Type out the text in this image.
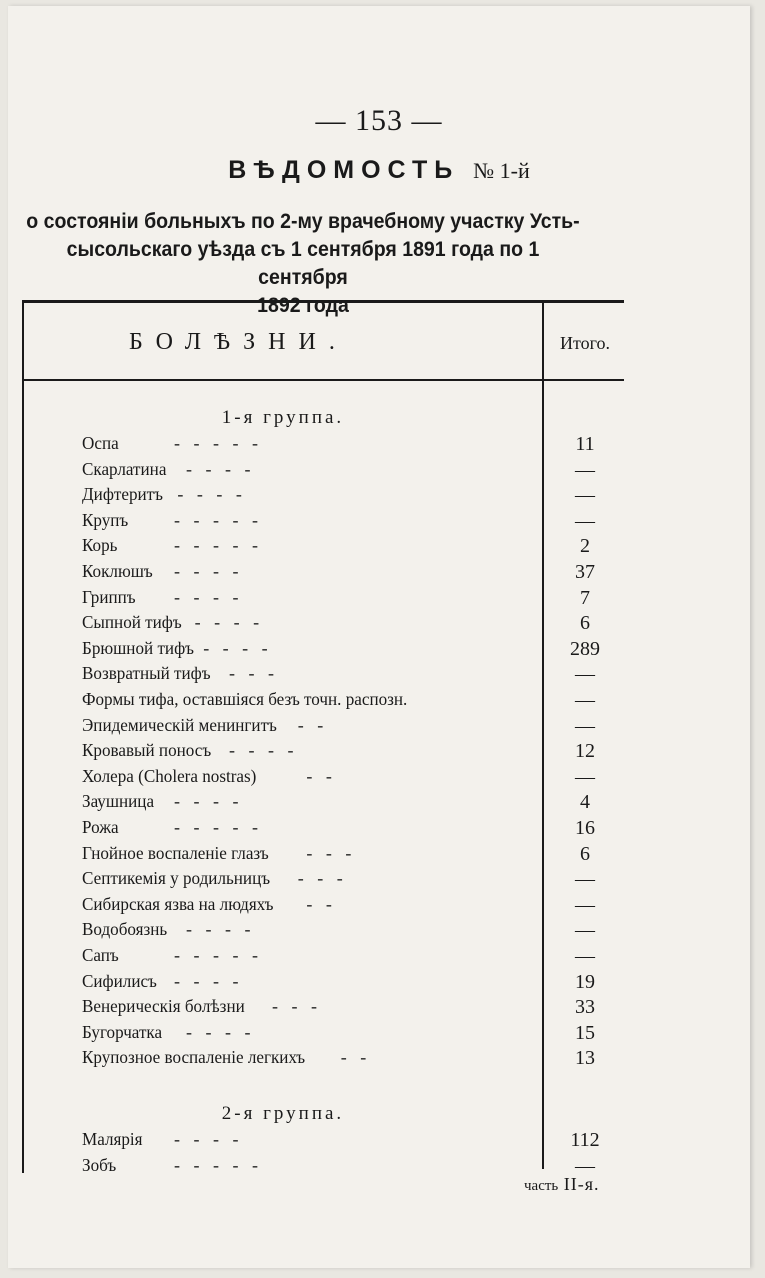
— 153 —
ВѢДОМОСТЬ № 1-й
о состояніи больныхъ по 2-му врачебному участку Усть-
сысольскаго уѣзда съ 1 сентября 1891 года по 1 сентября
1892 года
БОЛѢЗНИ.	Итого.
1-я группа.
Оспа	-   -   -   -   -	11
Скарлатина -   -   -   -	—
Дифтеритъ -   -   -   -	—
Крупъ	-   -   -   -   -	—
Корь	-   -   -   -   -	2
Коклюшъ -   -   -   -	37
Гриппъ -   -   -   -	7
Сыпной тифъ -   -   -   -	6
Брюшной тифъ -   -   -   -	289
Возвратный тифъ -   -   -	—
Формы тифа, оставшіяся безъ точн. распозн.	—
Эпидемическій менингитъ -   -	—
Кровавый поносъ -   -   -   -	12
Холера (Cholera nostras)	-   -	—
Заушница -   -   -   -	4
Рожа	-   -   -   -   -	16
Гнойное воспаленіе глазъ -   -   -	6
Септикемія у родильницъ -   -   -	—
Сибирская язва на людяхъ -   -	—
Водобоязнь -   -   -   -	—
Сапъ	-   -   -   -   -	—
Сифилисъ -   -   -   -	19
Венерическія болѣзни -   -   -	33
Бугорчатка -   -   -   -	15
Крупозное воспаленіе легкихъ -   -	13
2-я группа.
Малярія -   -   -   -	112
Зобъ	-   -   -   -   -	—
часть II-я.
